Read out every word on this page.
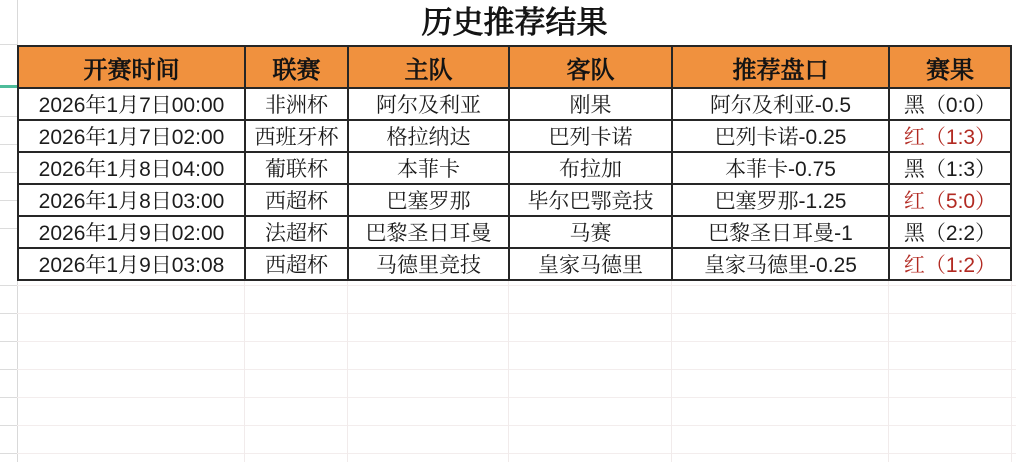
历史推荐结果
开赛时间	联赛	主队	客队	推荐盘口	赛果
2026年1月7日00:00	非洲杯	阿尔及利亚	刚果	阿尔及利亚-0.5	黑（0:0）
2026年1月7日02:00	西班牙杯	格拉纳达	巴列卡诺	巴列卡诺-0.25	红（1:3）
2026年1月8日04:00	葡联杯	本菲卡	布拉加	本菲卡-0.75	黑（1:3）
2026年1月8日03:00	西超杯	巴塞罗那	毕尔巴鄂竞技	巴塞罗那-1.25	红（5:0）
2026年1月9日02:00	法超杯	巴黎圣日耳曼	马赛	巴黎圣日耳曼-1	黑（2:2）
2026年1月9日03:08	西超杯	马德里竞技	皇家马德里	皇家马德里-0.25	红（1:2）
